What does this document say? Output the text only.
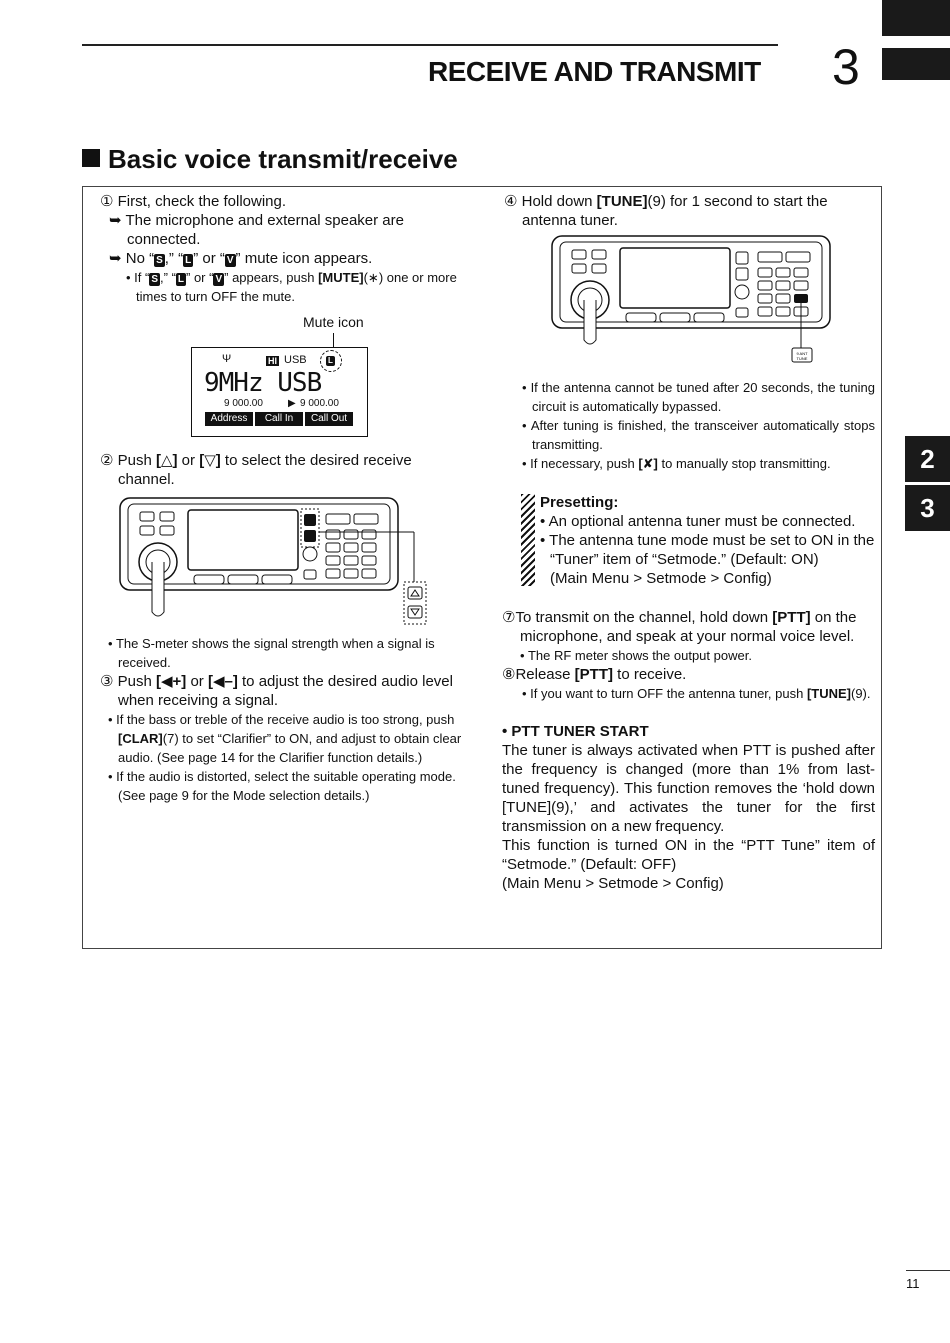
RECEIVE AND TRANSMIT 3
2
3
Basic voice transmit/receive

① First, check the following.

➥ The microphone and external speaker are connected.

➥ No “ S ,” “ L ” or “ V ” mute icon appears.

• If “ S ,” “ L ” or “ V ” appears, push [MUTE](∗) one or more times to turn OFF the mute.

Mute icon
Ψ	HI USB	L
9MHz USB
9 000.00	▶ 9 000.00
Address	Call In	Call Out

② Push [△] or [▽] to select the desired receive channel.

• The S-meter shows the signal strength when a signal is received.

③ Push [◀+] or [◀–] to adjust the desired audio level when receiving a signal.

• If the bass or treble of the receive audio is too strong, push [CLAR](7) to set “Clarifier” to ON, and adjust to obtain clear audio. (See page 14 for the Clarifier function details.)

• If the audio is distorted, select the suitable operating mode. (See page 9 for the Mode selection details.)

④ Hold down [TUNE](9) for 1 second to start the antenna tuner.

9 ANT
TUNE

• If the antenna cannot be tuned after 20 seconds, the tuning circuit is automatically bypassed.

• After tuning is finished, the transceiver automatically stops transmitting.

• If necessary, push [✘] to manually stop transmitting.

Presetting:

• An optional antenna tuner must be connected.

• The antenna tune mode must be set to ON in the “Tuner” item of “Setmode.” (Default: ON)

(Main Menu > Setmode > Config)

⑦To transmit on the channel, hold down [PTT] on the microphone, and speak at your normal voice level.

• The RF meter shows the output power.

⑧Release [PTT] to receive.

• If you want to turn OFF the antenna tuner, push [TUNE](9).

• PTT TUNER START

The tuner is always activated when PTT is pushed after the frequency is changed (more than 1% from last-tuned frequency). This function removes the ‘hold down [TUNE](9),’ and activates the tuner for the first transmission on a new frequency.

This function is turned ON in the “PTT Tune” item of “Setmode.” (Default: OFF)

(Main Menu > Setmode > Config)

11
